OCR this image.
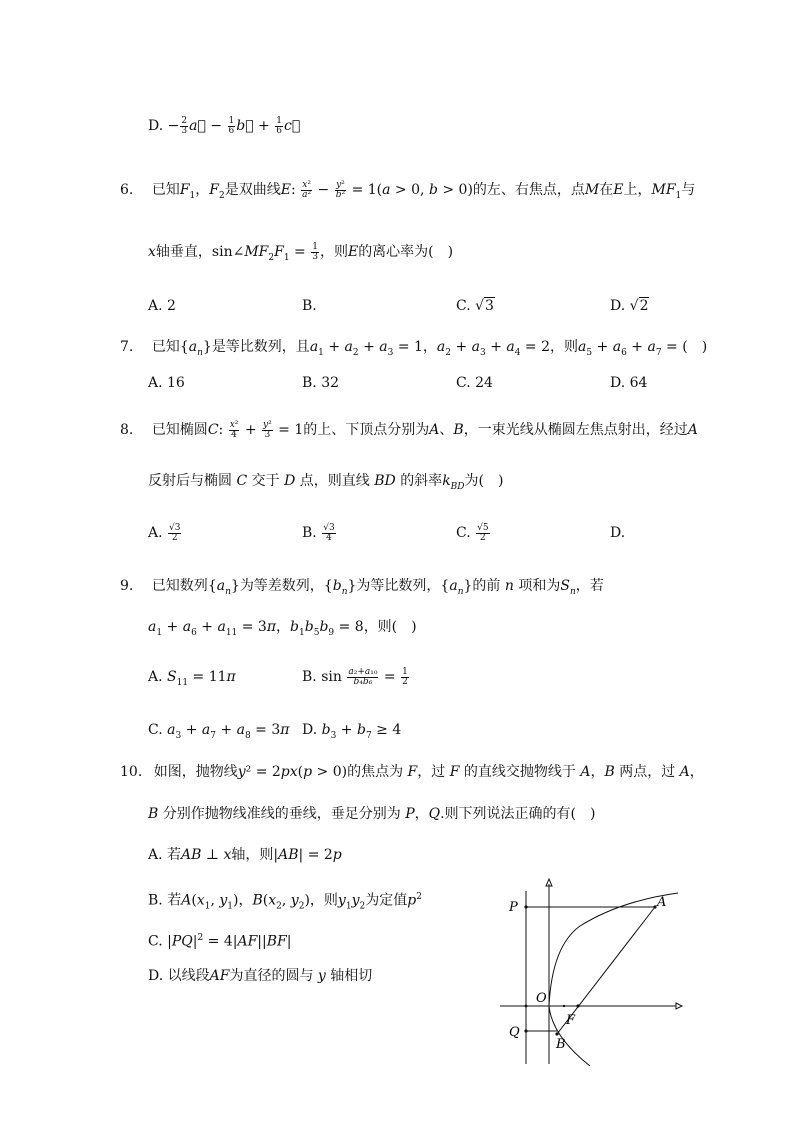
D. − $\frac{2}{3}$ a⃗ − $\frac{1}{6}$ b⃗ + $\frac{1}{6}$ c⃗
6. 已知$F_1$，$F_2$是双曲线E: $\frac{\text{x²}}{\text{a²}} - \frac{\text{y²}}{\text{b²}} = 1(a > 0$, b > 0)的左、右焦点，点M在E上，$MF_1$与
x轴垂直，$\sin\angle MF_2F_1 = \frac{1}{3}$ ，则E的离心率为(　)
A. 2	B.	C. √3	D. √2
7. 已知$\{a_n\}$是等比数列，且$a_1 + a_2 + a_3 = 1$，$a_2 + a_3 + a_4 = 2$，则$a_5 + a_6 + a_7$ = (　)
A. 16	B. 32	C. 24	D. 64
8. 已知椭圆C: $\frac{\text{x²}}{4} + \frac{\text{y²}}{3} = 1$的上、下顶点分别为A、B，一束光线从椭圆左焦点射出，经过A
反射后与椭圆 C 交于 D 点，则直线 BD 的斜率$k_{BD}$为(　)
A. $\frac{√3}{2}$	B. $\frac{√3}{4}$	C. $\frac{√5}{2}$	D.
9. 已知数列$\{a_n\}$为等差数列，$\{b_n\}$为等比数列，$\{a_n\}$的前 n 项和为$S_n$，若
$a_1 + a_6 + a_{11} = 3\pi$，$b_1b_5b_9 = 8$，则(　)
A. $S_{11} = 11\pi$	B. $\sin \frac{\text{a₂+a₁₀}}{\text{b₄b₆}} = \frac{1}{2}$
C. $a_3 + a_7 + a_8 = 3\pi$ D. $b_3 + b_7 \ge 4$
10. 如图，抛物线y² = 2px(p > 0)的焦点为 F，过 F 的直线交抛物线于 A，B 两点，过 A，
B 分别作抛物线准线的垂线，垂足分别为 P，Q.则下列说法正确的有(　)
A. 若AB ⊥ x轴，则|AB| = 2p
B. 若$A(x_1$, $y_1$)，$B(x_2$, $y_2$)，则$y_1y_2$为定值$p^2$
C. $|PQ|^2 = 4|AF||BF|$
D. 以线段AF为直径的圆与 y 轴相切
P	A
O
F
Q
B
